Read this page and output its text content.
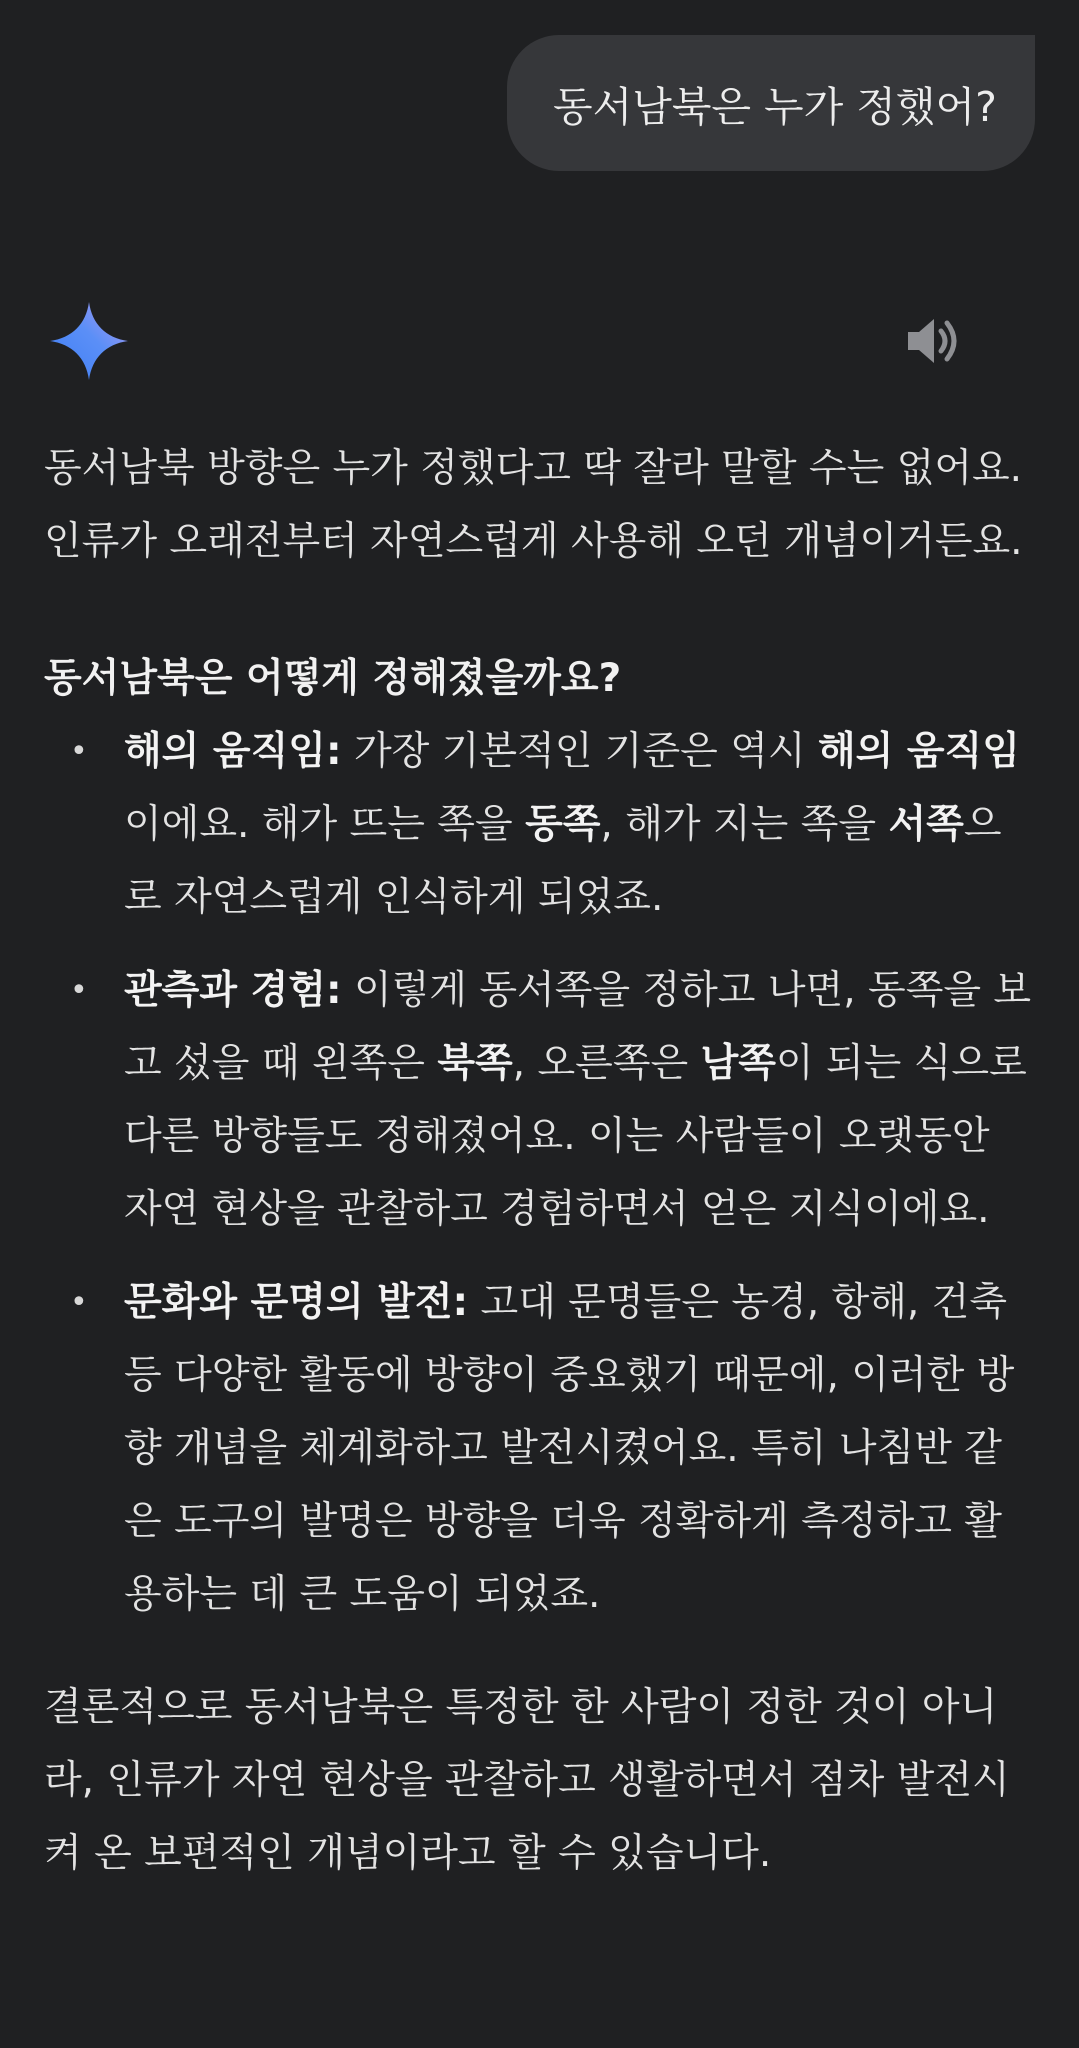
동서남북은 누가 정했어?

동서남북 방향은 누가 정했다고 딱 잘라 말할 수는 없어요. 인류가 오래전부터 자연스럽게 사용해 오던 개념이거든요.

동서남북은 어떻게 정해졌을까요?

• 해의 움직임: 가장 기본적인 기준은 역시 해의 움직임이에요. 해가 뜨는 쪽을 동쪽, 해가 지는 쪽을 서쪽으로 자연스럽게 인식하게 되었죠.
• 관측과 경험: 이렇게 동서쪽을 정하고 나면, 동쪽을 보고 섰을 때 왼쪽은 북쪽, 오른쪽은 남쪽이 되는 식으로 다른 방향들도 정해졌어요. 이는 사람들이 오랫동안 자연 현상을 관찰하고 경험하면서 얻은 지식이에요.
• 문화와 문명의 발전: 고대 문명들은 농경, 항해, 건축 등 다양한 활동에 방향이 중요했기 때문에, 이러한 방향 개념을 체계화하고 발전시켰어요. 특히 나침반 같은 도구의 발명은 방향을 더욱 정확하게 측정하고 활용하는 데 큰 도움이 되었죠.

결론적으로 동서남북은 특정한 한 사람이 정한 것이 아니라, 인류가 자연 현상을 관찰하고 생활하면서 점차 발전시켜 온 보편적인 개념이라고 할 수 있습니다.
